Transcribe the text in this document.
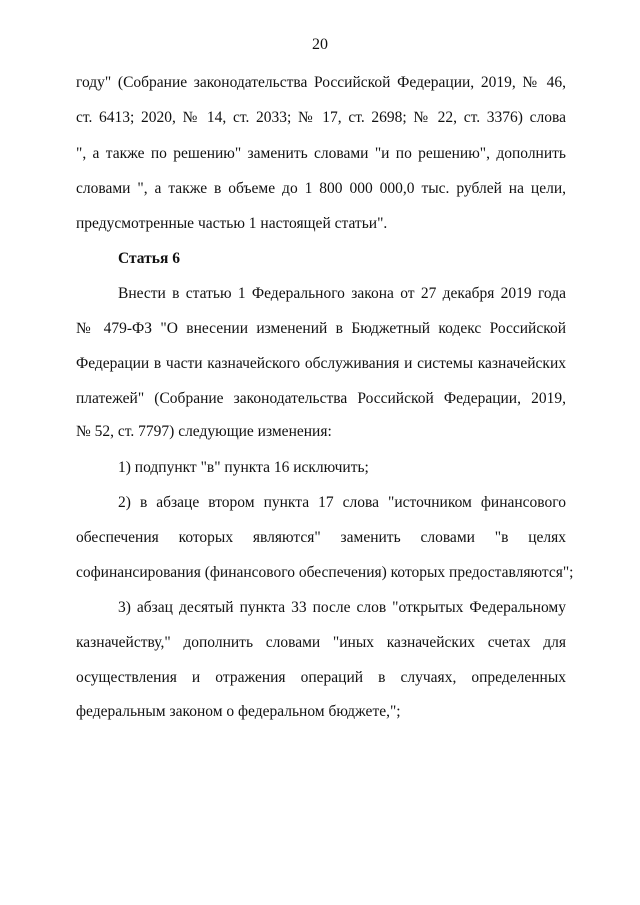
20
году" (Собрание законодательства Российской Федерации, 2019, № 46,
ст. 6413; 2020, № 14, ст. 2033; № 17, ст. 2698; № 22, ст. 3376) слова
", а также по решению" заменить словами "и по решению", дополнить
словами ", а также в объеме до 1 800 000 000,0 тыс. рублей на цели,
предусмотренные частью 1 настоящей статьи".
Статья 6
Внести в статью 1 Федерального закона от 27 декабря 2019 года
№ 479-ФЗ "О внесении изменений в Бюджетный кодекс Российской
Федерации в части казначейского обслуживания и системы казначейских
платежей" (Собрание законодательства Российской Федерации, 2019,
№ 52, ст. 7797) следующие изменения:
1) подпункт "в" пункта 16 исключить;
2) в абзаце втором пункта 17 слова "источником финансового
обеспечения которых являются" заменить словами "в целях
софинансирования (финансового обеспечения) которых предоставляются";
3) абзац десятый пункта 33 после слов "открытых Федеральному
казначейству," дополнить словами "иных казначейских счетах для
осуществления и отражения операций в случаях, определенных
федеральным законом о федеральном бюджете,";
